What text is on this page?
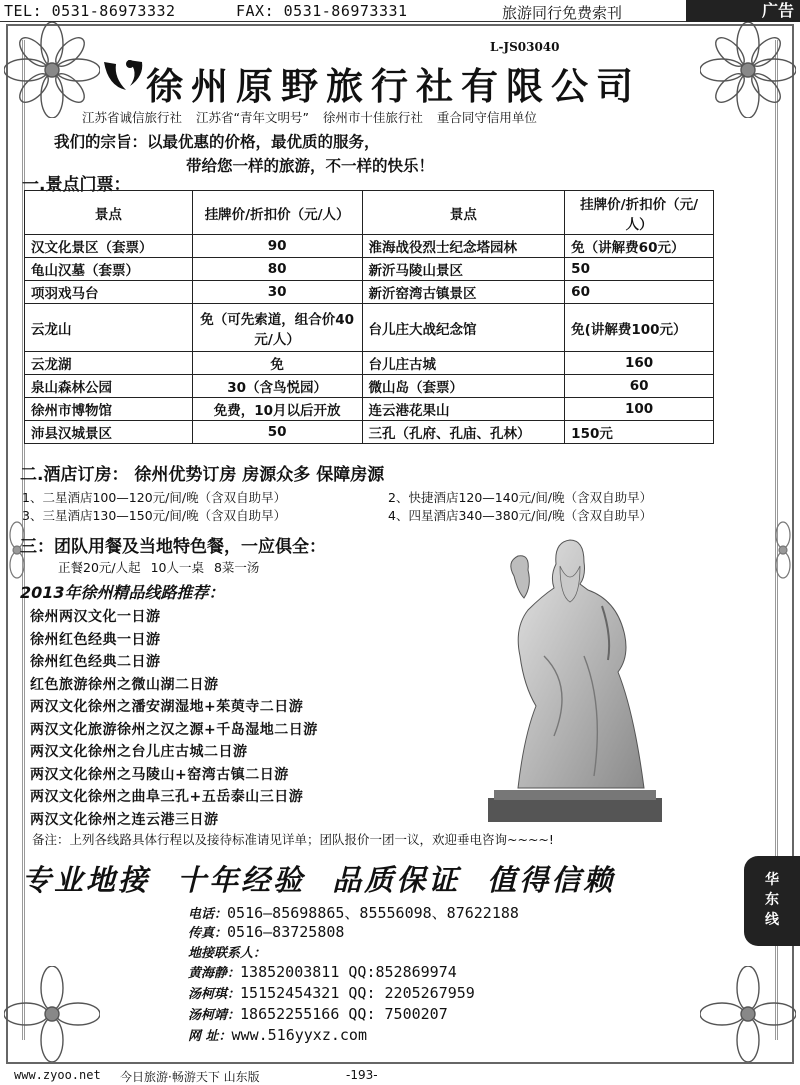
TEL: 0531-86973332	FAX: 0531-86973331	旅游同行免费索刊	广告
L-JS03040
徐州原野旅行社有限公司
江苏省诚信旅行社 江苏省“青年文明号” 徐州市十佳旅行社 重合同守信用单位
我们的宗旨：以最优惠的价格，最优质的服务，
带给您一样的旅游，不一样的快乐！
一.景点门票：
景点	挂牌价/折扣价（元/人）	景点	挂牌价/折扣价（元/人）
汉文化景区（套票）	90	淮海战役烈士纪念塔园林	免（讲解费60元）
龟山汉墓（套票）	80	新沂马陵山景区	50
项羽戏马台	30	新沂窑湾古镇景区	60
云龙山	免（可先索道，组合价40元/人）	台儿庄大战纪念馆	免(讲解费100元）
云龙湖	免	台儿庄古城	160
泉山森林公园	30（含鸟悦园）	微山岛（套票）	60
徐州市博物馆	免费，10月以后开放	连云港花果山	100
沛县汉城景区	50	三孔（孔府、孔庙、孔林）	150元
二.酒店订房： 徐州优势订房 房源众多 保障房源
1、二星酒店100—120元/间/晚（含双自助早）	2、快捷酒店120—140元/间/晚（含双自助早）
3、三星酒店130—150元/间/晚（含双自助早）	4、四星酒店340—380元/间/晚（含双自助早）
三：团队用餐及当地特色餐，一应俱全：
正餐20元/人起 10人一桌 8菜一汤
2013年徐州精品线路推荐：
徐州两汉文化一日游
徐州红色经典一日游
徐州红色经典二日游
红色旅游徐州之微山湖二日游
两汉文化徐州之潘安湖湿地+茱萸寺二日游
两汉文化旅游徐州之汉之源+千岛湿地二日游
两汉文化徐州之台儿庄古城二日游
两汉文化徐州之马陵山+窑湾古镇二日游
两汉文化徐州之曲阜三孔+五岳泰山三日游
两汉文化徐州之连云港三日游
备注：上列各线路具体行程以及接待标准请见详单；团队报价一团一议，欢迎垂电咨询~~~~!
专业地接 十年经验 品质保证 值得信赖
电话：0516—85698865、85556098、87622188
传真：0516—83725808
地接联系人：
黄海静：13852003811 QQ:852869974
汤柯琪：15152454321 QQ: 2205267959
汤柯靖：18652255166 QQ: 7500207
网 址：www.516yyxz.com
华
东
线
www.zyoo.net 今日旅游·畅游天下 山东版	-193-
